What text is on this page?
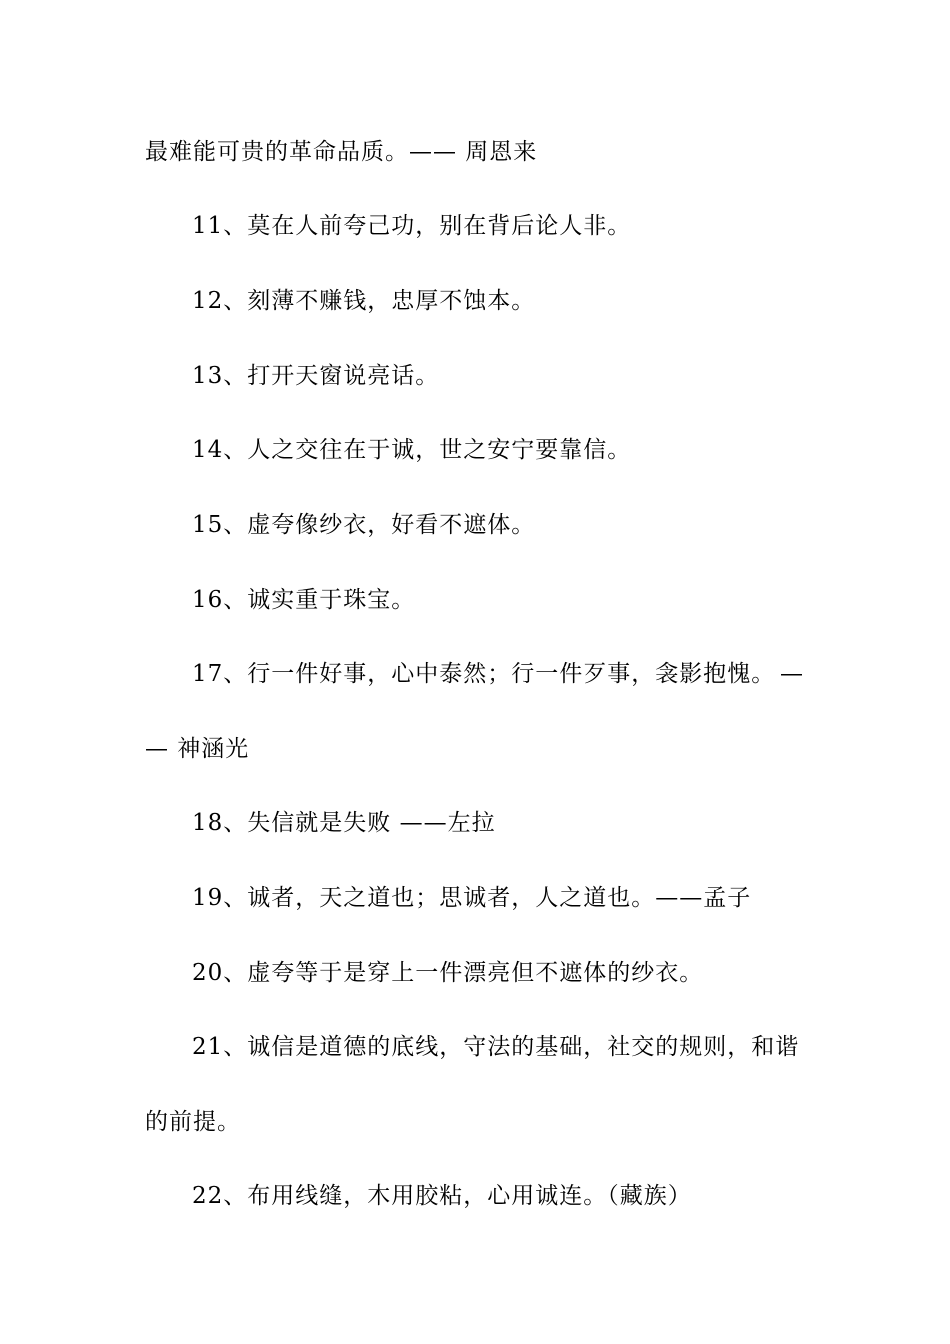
最难能可贵的革命品质。—— 周恩来
11、莫在人前夸己功，别在背后论人非。
12、刻薄不赚钱，忠厚不蚀本。
13、打开天窗说亮话。
14、人之交往在于诚，世之安宁要靠信。
15、虚夸像纱衣，好看不遮体。
16、诚实重于珠宝。
17、行一件好事，心中泰然；行一件歹事，衾影抱愧。 —
— 神涵光
18、失信就是失败 ——左拉
19、诚者，天之道也；思诚者，人之道也。——孟子
20、虚夸等于是穿上一件漂亮但不遮体的纱衣。
21、诚信是道德的底线，守法的基础，社交的规则，和谐
的前提。
22、布用线缝，木用胶粘，心用诚连。（藏族）
